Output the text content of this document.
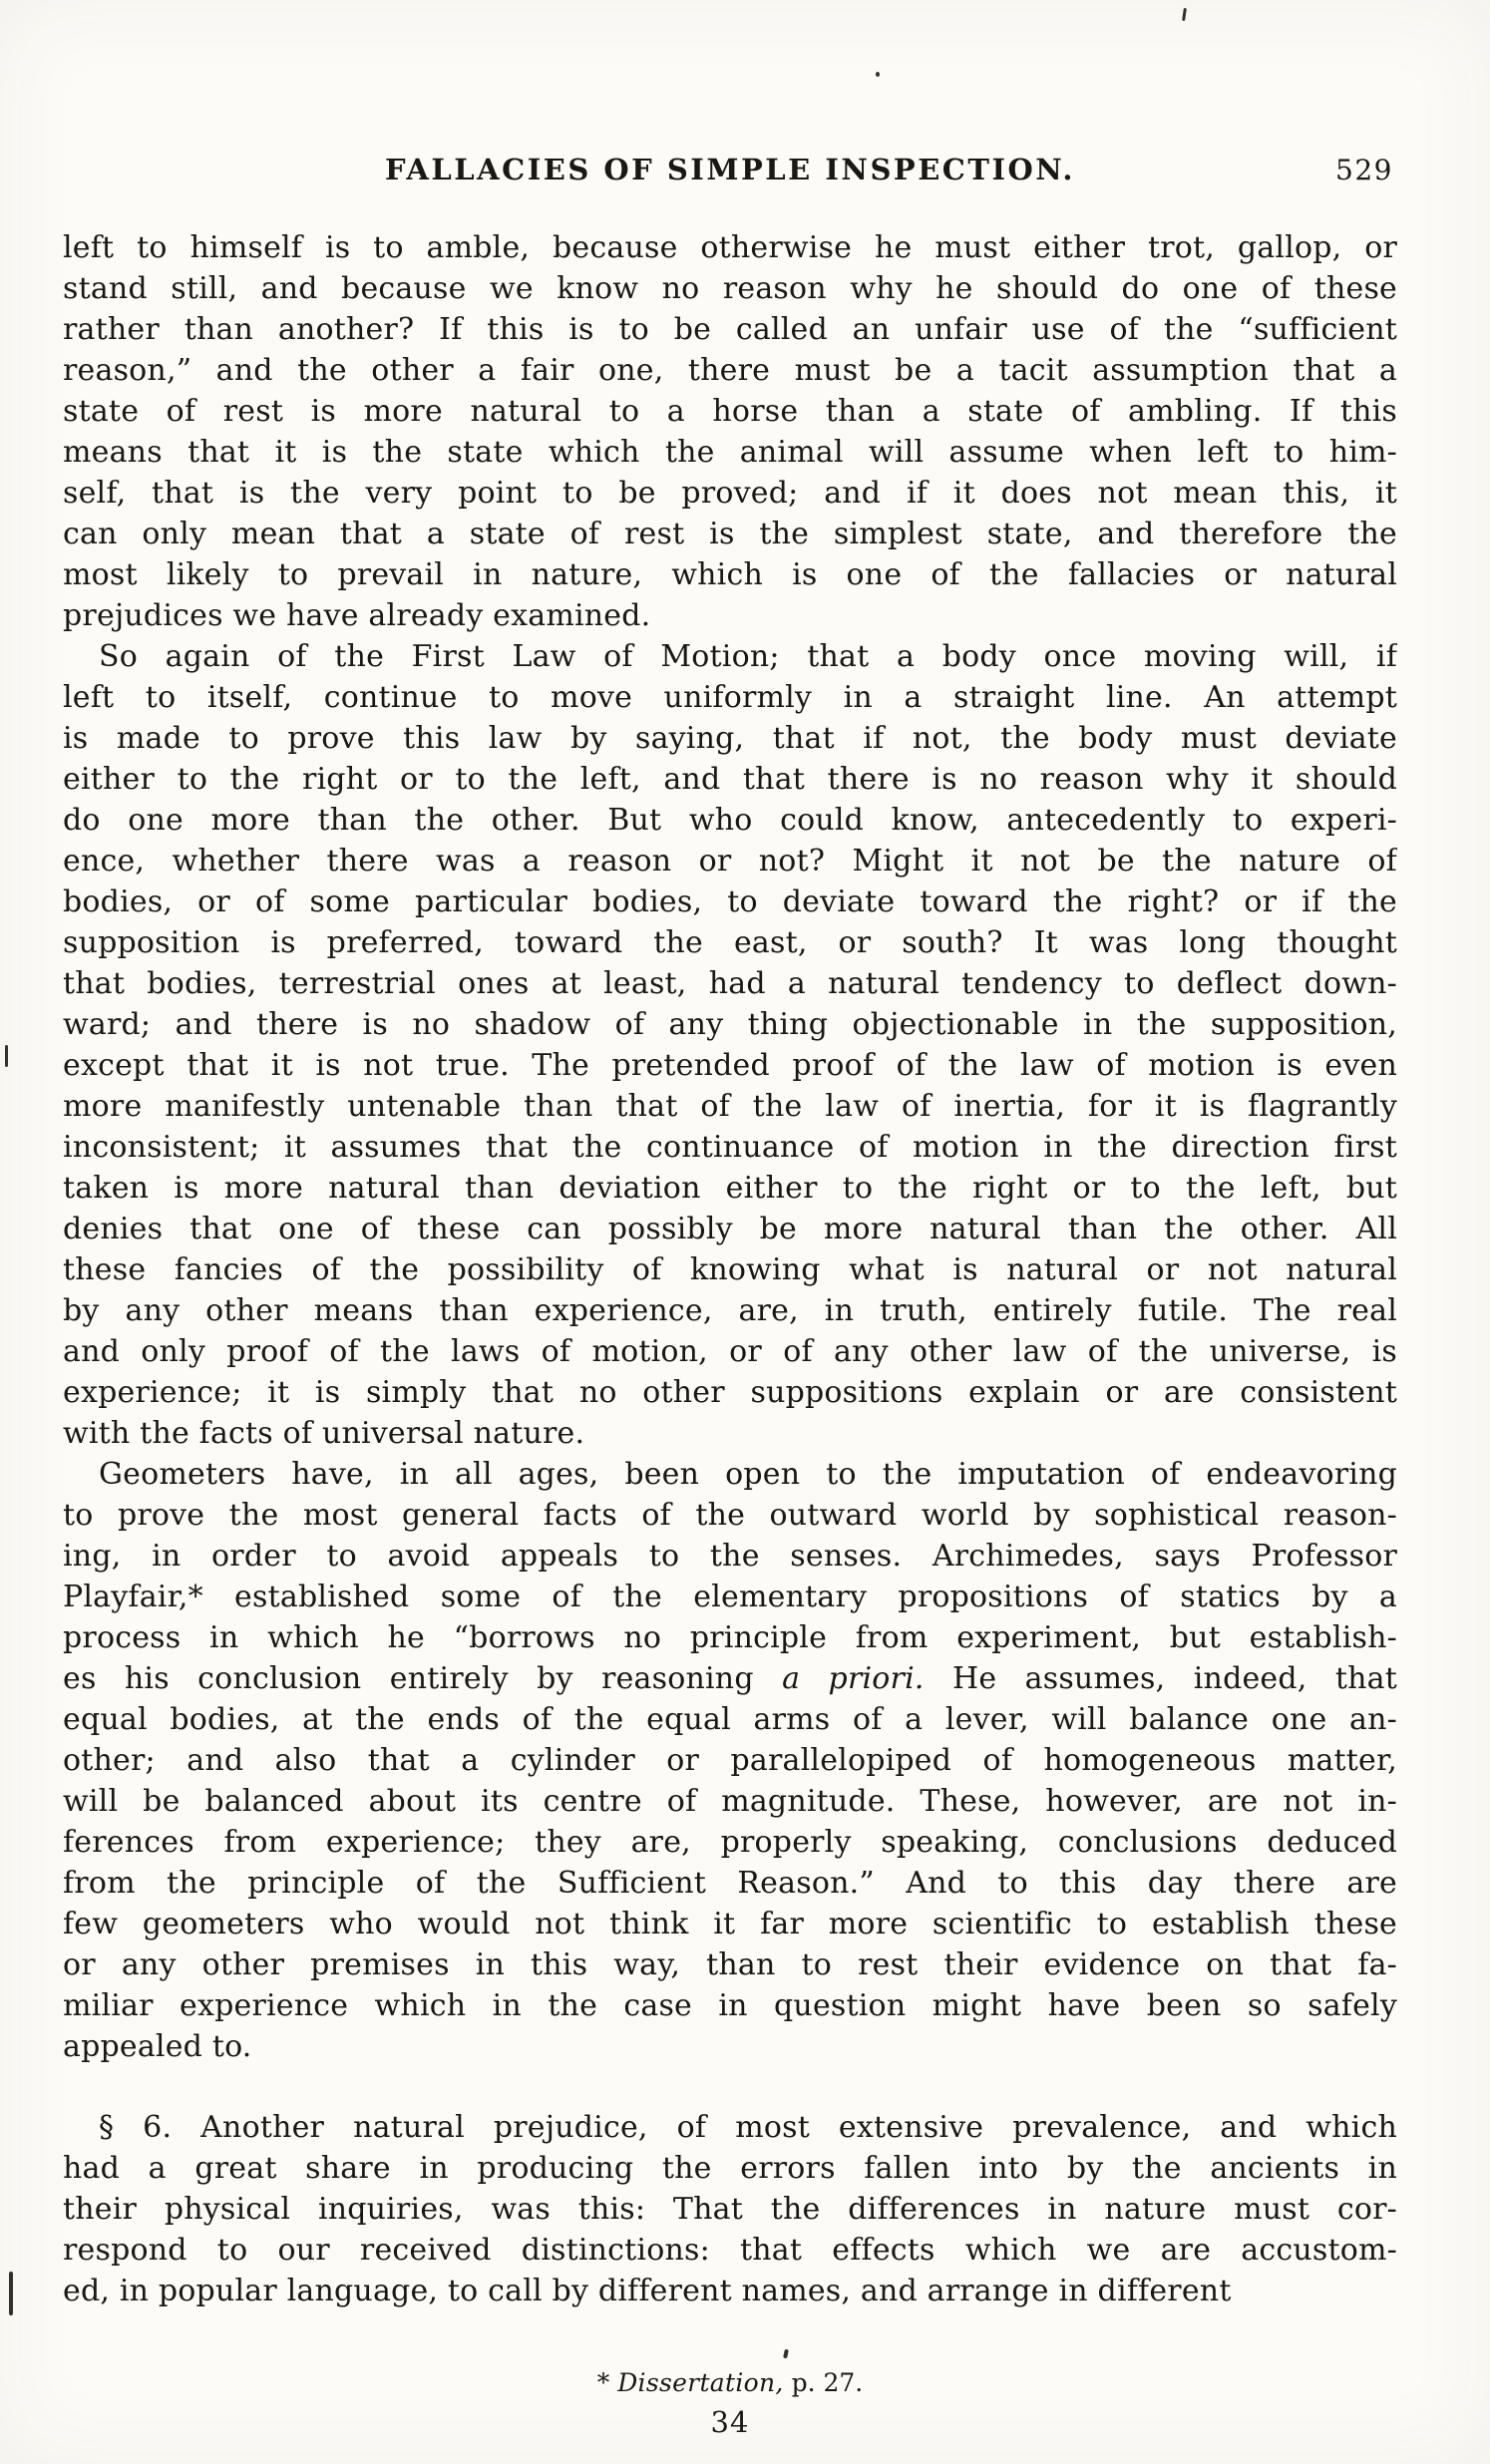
FALLACIES OF SIMPLE INSPECTION.	529
left to himself is to amble, because otherwise he must either trot, gallop, or
stand still, and because we know no reason why he should do one of these
rather than another? If this is to be called an unfair use of the “sufficient
reason,” and the other a fair one, there must be a tacit assumption that a
state of rest is more natural to a horse than a state of ambling. If this
means that it is the state which the animal will assume when left to him-
self, that is the very point to be proved; and if it does not mean this, it
can only mean that a state of rest is the simplest state, and therefore the
most likely to prevail in nature, which is one of the fallacies or natural
prejudices we have already examined.
So again of the First Law of Motion; that a body once moving will, if
left to itself, continue to move uniformly in a straight line. An attempt
is made to prove this law by saying, that if not, the body must deviate
either to the right or to the left, and that there is no reason why it should
do one more than the other. But who could know, antecedently to experi-
ence, whether there was a reason or not? Might it not be the nature of
bodies, or of some particular bodies, to deviate toward the right? or if the
supposition is preferred, toward the east, or south? It was long thought
that bodies, terrestrial ones at least, had a natural tendency to deflect down-
ward; and there is no shadow of any thing objectionable in the supposition,
except that it is not true. The pretended proof of the law of motion is even
more manifestly untenable than that of the law of inertia, for it is flagrantly
inconsistent; it assumes that the continuance of motion in the direction first
taken is more natural than deviation either to the right or to the left, but
denies that one of these can possibly be more natural than the other. All
these fancies of the possibility of knowing what is natural or not natural
by any other means than experience, are, in truth, entirely futile. The real
and only proof of the laws of motion, or of any other law of the universe, is
experience; it is simply that no other suppositions explain or are consistent
with the facts of universal nature.
Geometers have, in all ages, been open to the imputation of endeavoring
to prove the most general facts of the outward world by sophistical reason-
ing, in order to avoid appeals to the senses. Archimedes, says Professor
Playfair,* established some of the elementary propositions of statics by a
process in which he “borrows no principle from experiment, but establish-
es his conclusion entirely by reasoning a priori. He assumes, indeed, that
equal bodies, at the ends of the equal arms of a lever, will balance one an-
other; and also that a cylinder or parallelopiped of homogeneous matter,
will be balanced about its centre of magnitude. These, however, are not in-
ferences from experience; they are, properly speaking, conclusions deduced
from the principle of the Sufficient Reason.” And to this day there are
few geometers who would not think it far more scientific to establish these
or any other premises in this way, than to rest their evidence on that fa-
miliar experience which in the case in question might have been so safely
appealed to.
§ 6. Another natural prejudice, of most extensive prevalence, and which
had a great share in producing the errors fallen into by the ancients in
their physical inquiries, was this: That the differences in nature must cor-
respond to our received distinctions: that effects which we are accustom-
ed, in popular language, to call by different names, and arrange in different
* Dissertation, p. 27.
34
